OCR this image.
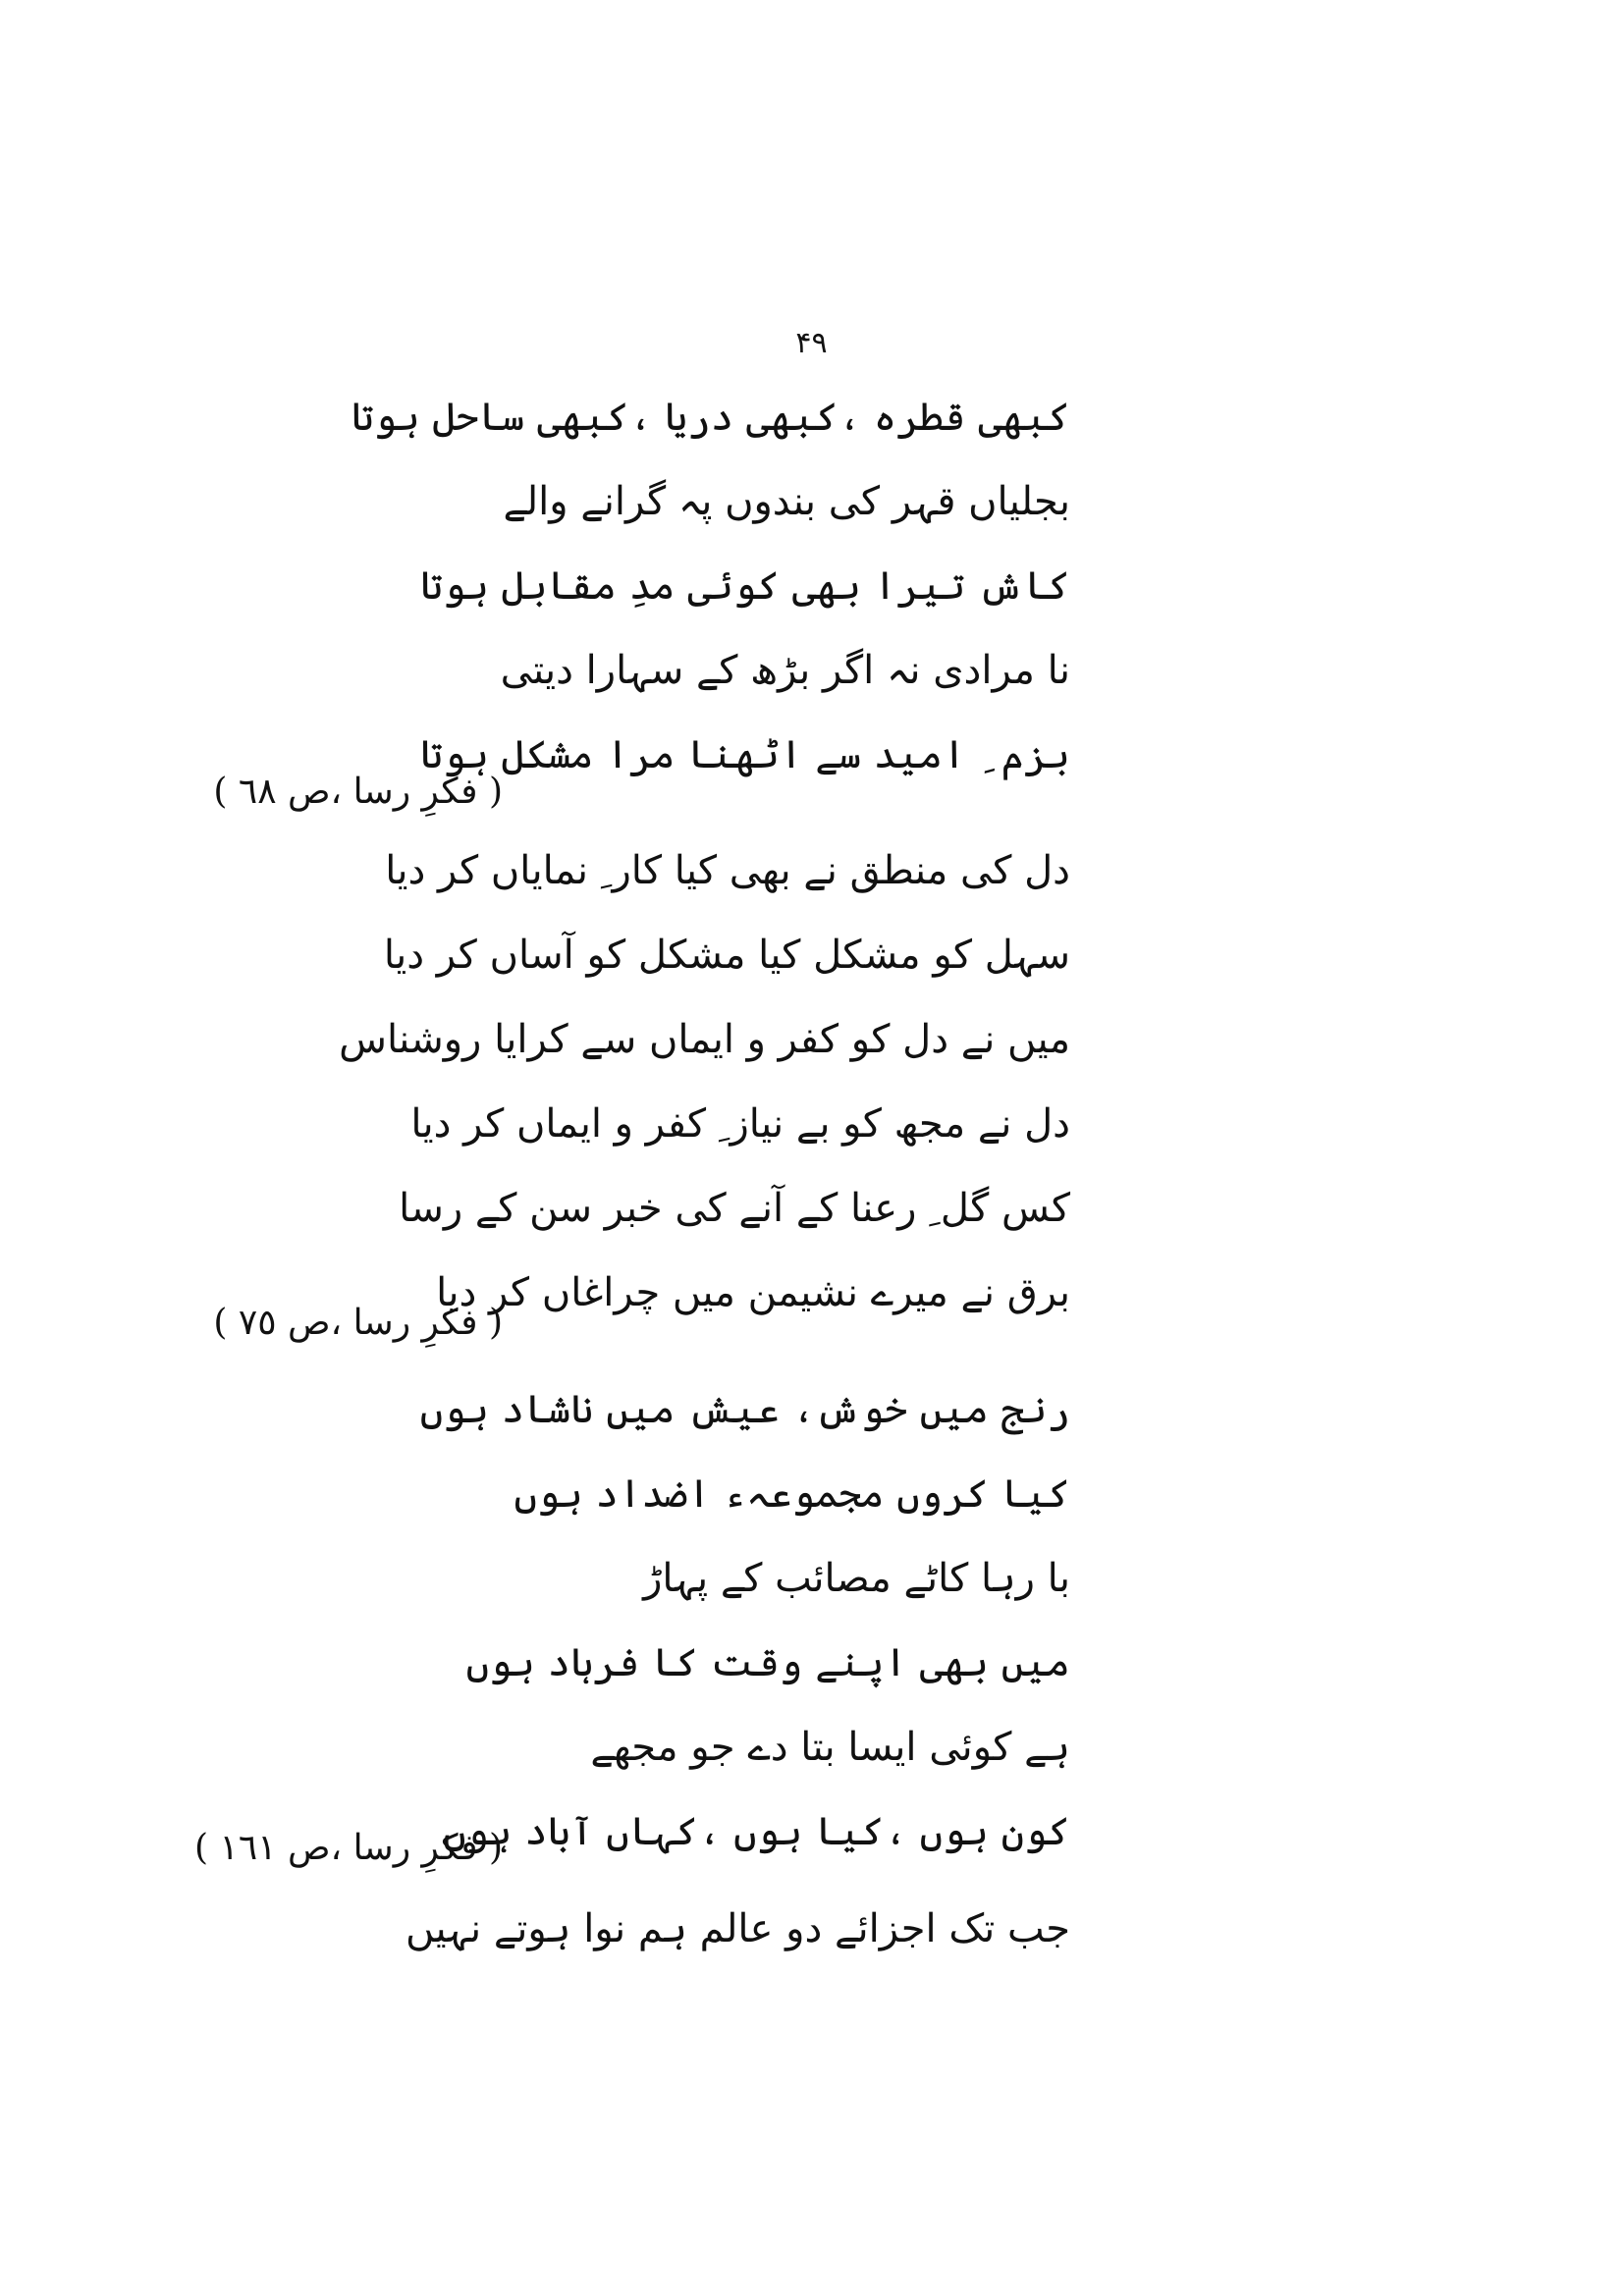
۴۹
کبھی قطرہ ،کبھی دریا ،کبھی ساحل ہوتا
بجلیاں قہر کی بندوں پہ گرانے والے
کاش تیرا بھی کوئی مدِ مقابل ہوتا
نا مرادی نہ اگر بڑھ کے سہارا دیتی
بزم ِ امید سے اٹھنا مرا مشکل ہوتا
( فکرِ رسا ،ص ٦٨ )
دل کی منطق نے بھی کیا کار ِ نمایاں کر دیا
سہل کو مشکل کیا مشکل کو آساں کر دیا
میں نے دل کو کفر و ایماں سے کرایا روشناس
دل نے مجھ کو بے نیاز ِ کفر و ایماں کر دیا
کس گل ِ رعنا کے آنے کی خبر سن کے رسا
برق نے میرے نشیمن میں چراغاں کر دیا
( فکرِ رسا ،ص ٧٥ )
رنج میں خوش، عیش میں ناشاد ہوں
کیا کروں مجموعہء اضداد ہوں
با رہا کاٹے مصائب کے پہاڑ
میں بھی اپنے وقت کا فرہاد ہوں
ہے کوئی ایسا بتا دے جو مجھے
کون ہوں ،کیا ہوں ،کہاں آباد ہوں
( فکرِ رسا ،ص ١٦١ )
جب تک اجزائے دو عالم ہم نوا ہوتے نہیں
